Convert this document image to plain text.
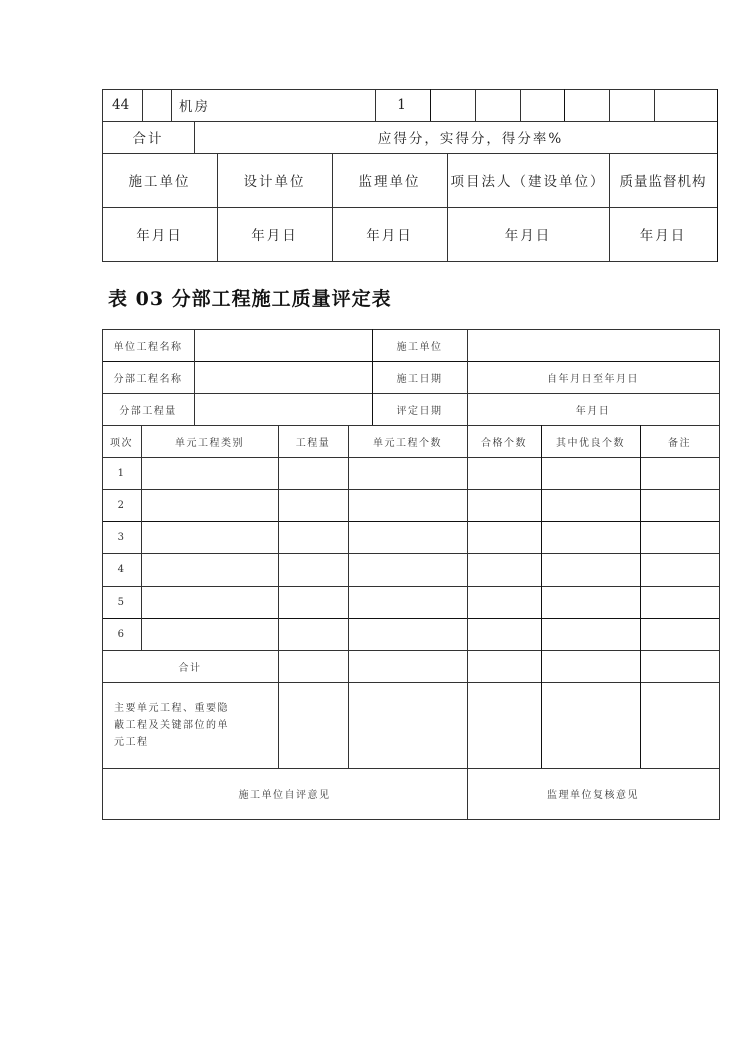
44	机房	1
合计	应得分，实得分，得分率%
施工单位	设计单位	监理单位	项目法人（建设单位）	质量监督机构
年月日	年月日	年月日	年月日	年月日
表 03 分部工程施工质量评定表
单位工程名称	施工单位
分部工程名称	施工日期	自年月日至年月日
分部工程量	评定日期	年月日
项次	单元工程类别	工程量	单元工程个数	合格个数	其中优良个数	备注
1
2
3
4
5
6
合计
主要单元工程、重要隐蔽工程及关键部位的单元工程
施工单位自评意见	监理单位复核意见
